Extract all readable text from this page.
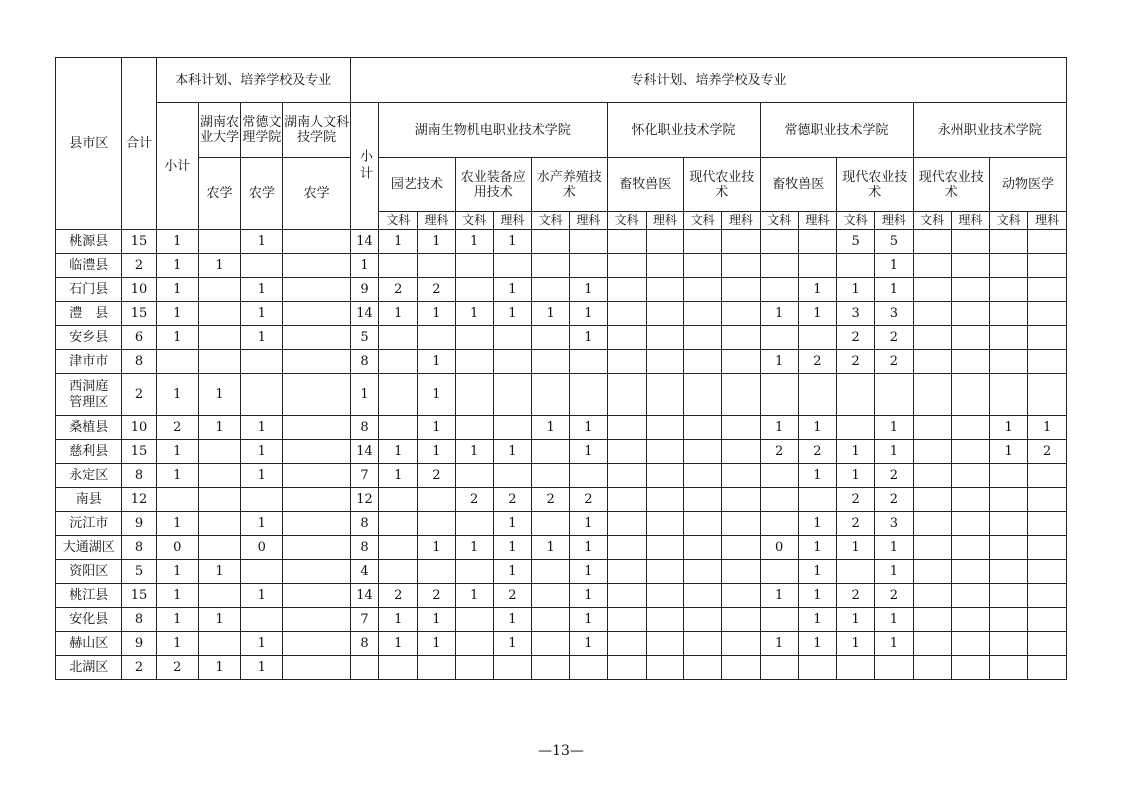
县市区	合计	本科计划、培养学校及专业				专科计划、培养学校及专业																		
		小计	湖南农业大学	常德文理学院	湖南人文科技学院	小计	湖南生物机电职业技术学院						怀化职业技术学院				常德职业技术学院				永州职业技术学院			
			农学	农学	农学		园艺技术		农业装备应用技术		水产养殖技术		畜牧兽医		现代农业技术		畜牧兽医		现代农业技术		现代农业技术		动物医学	
							文科	理科	文科	理科	文科	理科	文科	理科	文科	理科	文科	理科	文科	理科	文科	理科	文科	理科
桃源县	15	1		1		14	1	1	1	1									5	5				
临澧县	2	1	1			1														1				
石门县	10	1		1		9	2	2		1		1						1	1	1				
澧　县	15	1		1		14	1	1	1	1	1	1					1	1	3	3				
安乡县	6	1		1		5						1							2	2				
津市市	8					8		1									1	2	2	2				
西洞庭管理区	2	1	1			1		1																
桑植县	10	2	1	1		8		1			1	1					1	1		1			1	1
慈利县	15	1		1		14	1	1	1	1		1					2	2	1	1			1	2
永定区	8	1		1		7	1	2										1	1	2				
南县	12					12			2	2	2	2							2	2				
沅江市	9	1		1		8				1		1						1	2	3				
大通湖区	8	0		0		8		1	1	1	1	1					0	1	1	1				
资阳区	5	1	1			4				1		1						1		1				
桃江县	15	1		1		14	2	2	1	2		1					1	1	2	2				
安化县	8	1	1			7	1	1		1		1						1	1	1				
赫山区	9	1		1		8	1	1		1		1					1	1	1	1				
北湖区	2	2	1	1																				
—13—
